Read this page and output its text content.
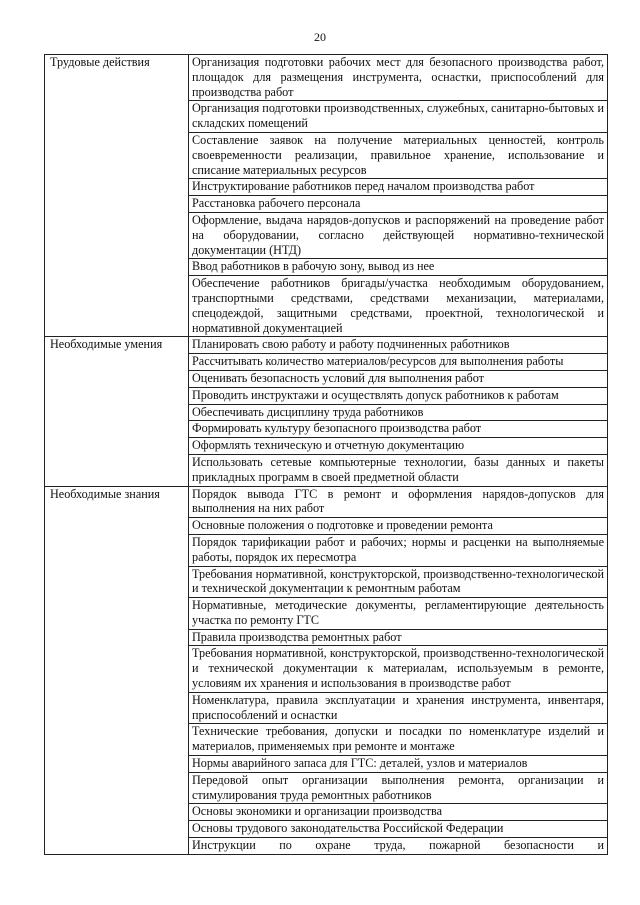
20
Трудовые действия	Организация подготовки рабочих мест для безопасного производства работ, площадок для размещения инструмента, оснастки, приспособлений для производства работ
	Организация подготовки производственных, служебных, санитарно-бытовых и складских помещений
	Составление заявок на получение материальных ценностей, контроль своевременности реализации, правильное хранение, использование и списание материальных ресурсов
	Инструктирование работников перед началом производства работ
	Расстановка рабочего персонала
	Оформление, выдача нарядов-допусков и распоряжений на проведение работ на оборудовании, согласно действующей нормативно-технической документации (НТД)
	Ввод работников в рабочую зону, вывод из нее
	Обеспечение работников бригады/участка необходимым оборудованием, транспортными средствами, средствами механизации, материалами, спецодеждой, защитными средствами, проектной, технологической и нормативной документацией
Необходимые умения	Планировать свою работу и работу подчиненных работников
	Рассчитывать количество материалов/ресурсов для выполнения работы
	Оценивать безопасность условий для выполнения работ
	Проводить инструктажи и осуществлять допуск работников к работам
	Обеспечивать дисциплину труда работников
	Формировать культуру безопасного производства работ
	Оформлять техническую и отчетную документацию
	Использовать сетевые компьютерные технологии, базы данных и пакеты прикладных программ в своей предметной области
Необходимые знания	Порядок вывода ГТС в ремонт и оформления нарядов-допусков для выполнения на них работ
	Основные положения о подготовке и проведении ремонта
	Порядок тарификации работ и рабочих; нормы и расценки на выполняемые работы, порядок их пересмотра
	Требования нормативной, конструкторской, производственно-технологической и технической документации к ремонтным работам
	Нормативные, методические документы, регламентирующие деятельность участка по ремонту ГТС
	Правила производства ремонтных работ
	Требования нормативной, конструкторской, производственно-технологической и технической документации к материалам, используемым в ремонте, условиям их хранения и использования в производстве работ
	Номенклатура, правила эксплуатации и хранения инструмента, инвентаря, приспособлений и оснастки
	Технические требования, допуски и посадки по номенклатуре изделий и материалов, применяемых при ремонте и монтаже
	Нормы аварийного запаса для ГТС: деталей, узлов и материалов
	Передовой опыт организации выполнения ремонта, организации и стимулирования труда ремонтных работников
	Основы экономики и организации производства
	Основы трудового законодательства Российской Федерации
	Инструкции по охране труда, пожарной безопасности и
